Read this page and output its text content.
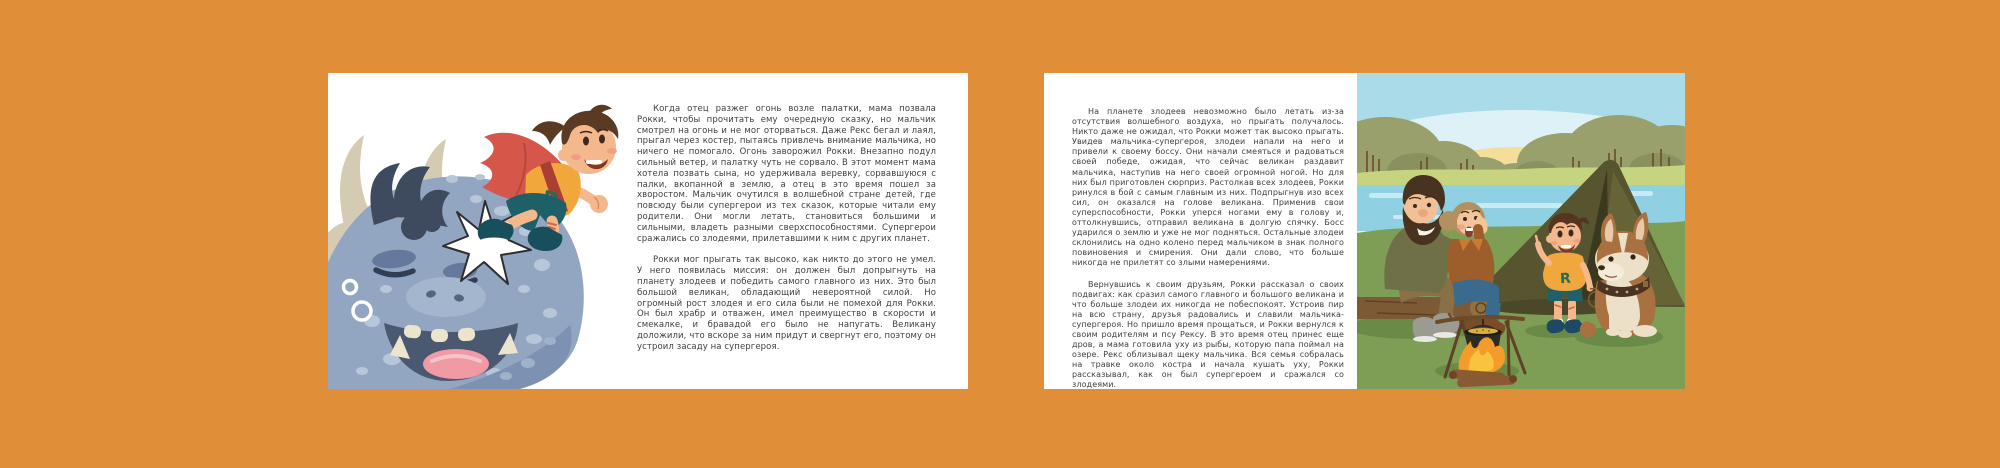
Когда отец разжег огонь возле палатки, мама позвала Рокки, чтобы прочитать ему очередную сказку, но мальчик смотрел на огонь и не мог оторваться. Даже Рекс бегал и лаял, прыгал через костер, пытаясь привлечь внимание мальчика, но ничего не помогало. Огонь заворожил Рокки. Внезапно подул сильный ветер, и палатку чуть не сорвало. В этот момент мама хотела позвать сына, но удерживала веревку, сорвавшуюся с палки, вкопанной в землю, а отец в это время пошел за хворостом. Мальчик очутился в волшебной стране детей, где повсюду были супергерои из тех сказок, которые читали ему родители. Они могли летать, становиться большими и сильными, владеть разными сверхспособностями. Супергерои сражались со злодеями, прилетавшими к ним с других планет.

Рокки мог прыгать так высоко, как никто до этого не умел. У него появилась миссия: он должен был допрыгнуть на планету злодеев и победить самого главного из них. Это был большой великан, обладающий невероятной силой. Но огромный рост злодея и его сила были не помехой для Рокки. Он был храбр и отважен, имел преимущество в скорости и смекалке, и бравадой его было не напугать. Великану доложили, что вскоре за ним придут и свергнут его, поэтому он устроил засаду на супергероя.

На планете злодеев невозможно было летать из-за отсутствия волшебного воздуха, но прыгать получалось. Никто даже не ожидал, что Рокки может так высоко прыгать. Увидев мальчика-супергероя, злодеи напали на него и привели к своему боссу. Они начали смеяться и радоваться своей победе, ожидая, что сейчас великан раздавит мальчика, наступив на него своей огромной ногой. Но для них был приготовлен сюрприз. Растолкав всех злодеев, Рокки ринулся в бой с самым главным из них. Подпрыгнув изо всех сил, он оказался на голове великана. Применив свои суперспособности, Рокки уперся ногами ему в голову и, оттолкнувшись, отправил великана в долгую спячку. Босс ударился о землю и уже не мог подняться. Остальные злодеи склонились на одно колено перед мальчиком в знак полного повиновения и смирения. Они дали слово, что больше никогда не прилетят со злыми намерениями.

Вернувшись к своим друзьям, Рокки рассказал о своих подвигах: как сразил самого главного и большого великана и что больше злодеи их никогда не побеспокоят. Устроив пир на всю страну, друзья радовались и славили мальчика-супергероя. Но пришло время прощаться, и Рокки вернулся к своим родителям и псу Рексу. В это время отец принес еще дров, а мама готовила уху из рыбы, которую папа поймал на озере. Рекс облизывал щеку мальчика. Вся семья собралась на травке около костра и начала кушать уху, Рокки рассказывал, как он был супергероем и сражался со злодеями.

R
